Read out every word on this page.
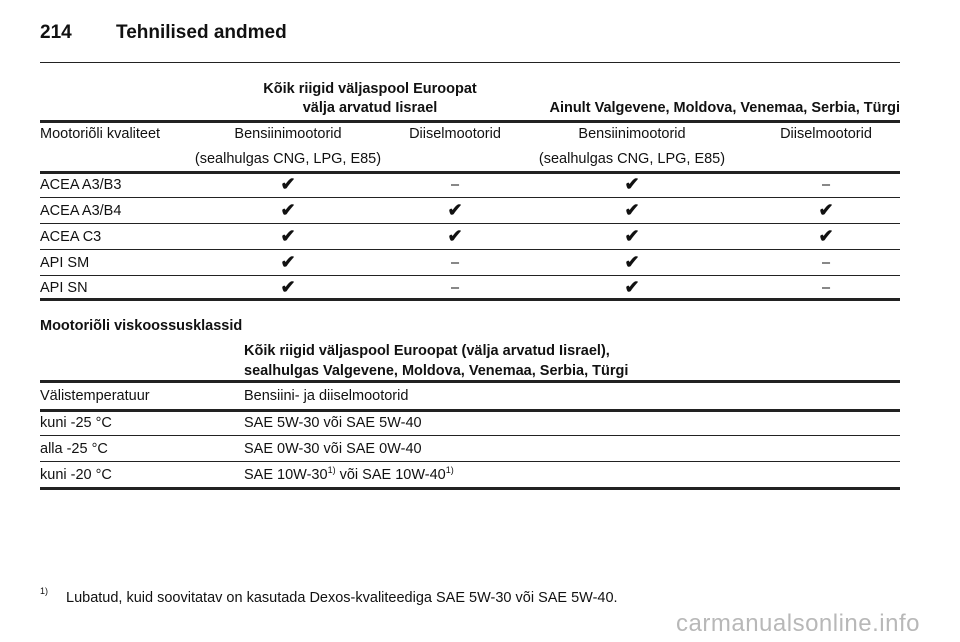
214 Tehnilised andmed
Kõik riigid väljaspool Euroopat
välja arvatud Iisrael	Ainult Valgevene, Moldova, Venemaa, Serbia, Türgi
Mootoriõli kvaliteet	Bensiinimootorid	Diiselmootorid	Bensiinimootorid	Diiselmootorid
(sealhulgas CNG, LPG, E85)	(sealhulgas CNG, LPG, E85)
ACEA A3/B3	✔	–	✔	–
ACEA A3/B4	✔	✔	✔	✔
ACEA C3	✔	✔	✔	✔
API SM	✔	–	✔	–
API SN	✔	–	✔	–
Mootoriõli viskoossusklassid
Kõik riigid väljaspool Euroopat (välja arvatud Iisrael),
sealhulgas Valgevene, Moldova, Venemaa, Serbia, Türgi
Välistemperatuur	Bensiini- ja diiselmootorid
kuni -25 °C	SAE 5W-30 või SAE 5W-40
alla -25 °C	SAE 0W-30 või SAE 0W-40
kuni -20 °C	SAE 10W-30$^{1)}$ või SAE 10W-40$^{1)}$
1) Lubatud, kuid soovitatav on kasutada Dexos-kvaliteediga SAE 5W-30 või SAE 5W-40.
carmanualsonline.info
